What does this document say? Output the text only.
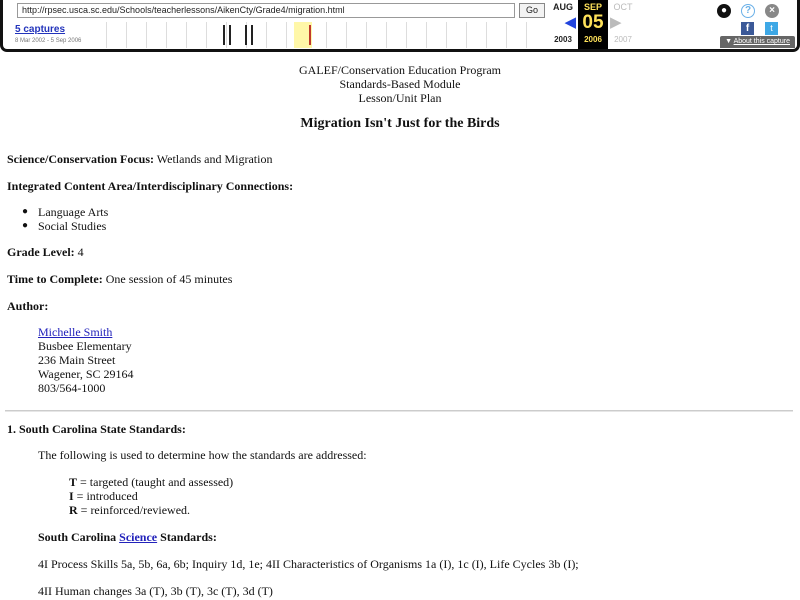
http://rpsec.usca.sc.edu/Schools/teacherlessons/AikenCty/Grade4/migration.html	Go
5 captures
8 Mar 2002 - 5 Sep 2006
AUG
◀
2003
SEP
05
2006
OCT
▶
2007
●	?	×
f	t
▼ About this capture
GALEF/Conservation Education Program
Standards-Based Module
Lesson/Unit Plan
Migration Isn't Just for the Birds
Science/Conservation Focus: Wetlands and Migration
Integrated Content Area/Interdisciplinary Connections:
● Language Arts
● Social Studies
Grade Level: 4
Time to Complete: One session of 45 minutes
Author:
Michelle Smith
Busbee Elementary
236 Main Street
Wagener, SC 29164
803/564-1000
1. South Carolina State Standards:
The following is used to determine how the standards are addressed:
T = targeted (taught and assessed)
I = introduced
R = reinforced/reviewed.
South Carolina Science Standards:
4I Process Skills 5a, 5b, 6a, 6b; Inquiry 1d, 1e; 4II Characteristics of Organisms 1a (I), 1c (I), Life Cycles 3b (I);
4II Human changes 3a (T), 3b (T), 3c (T), 3d (T)
